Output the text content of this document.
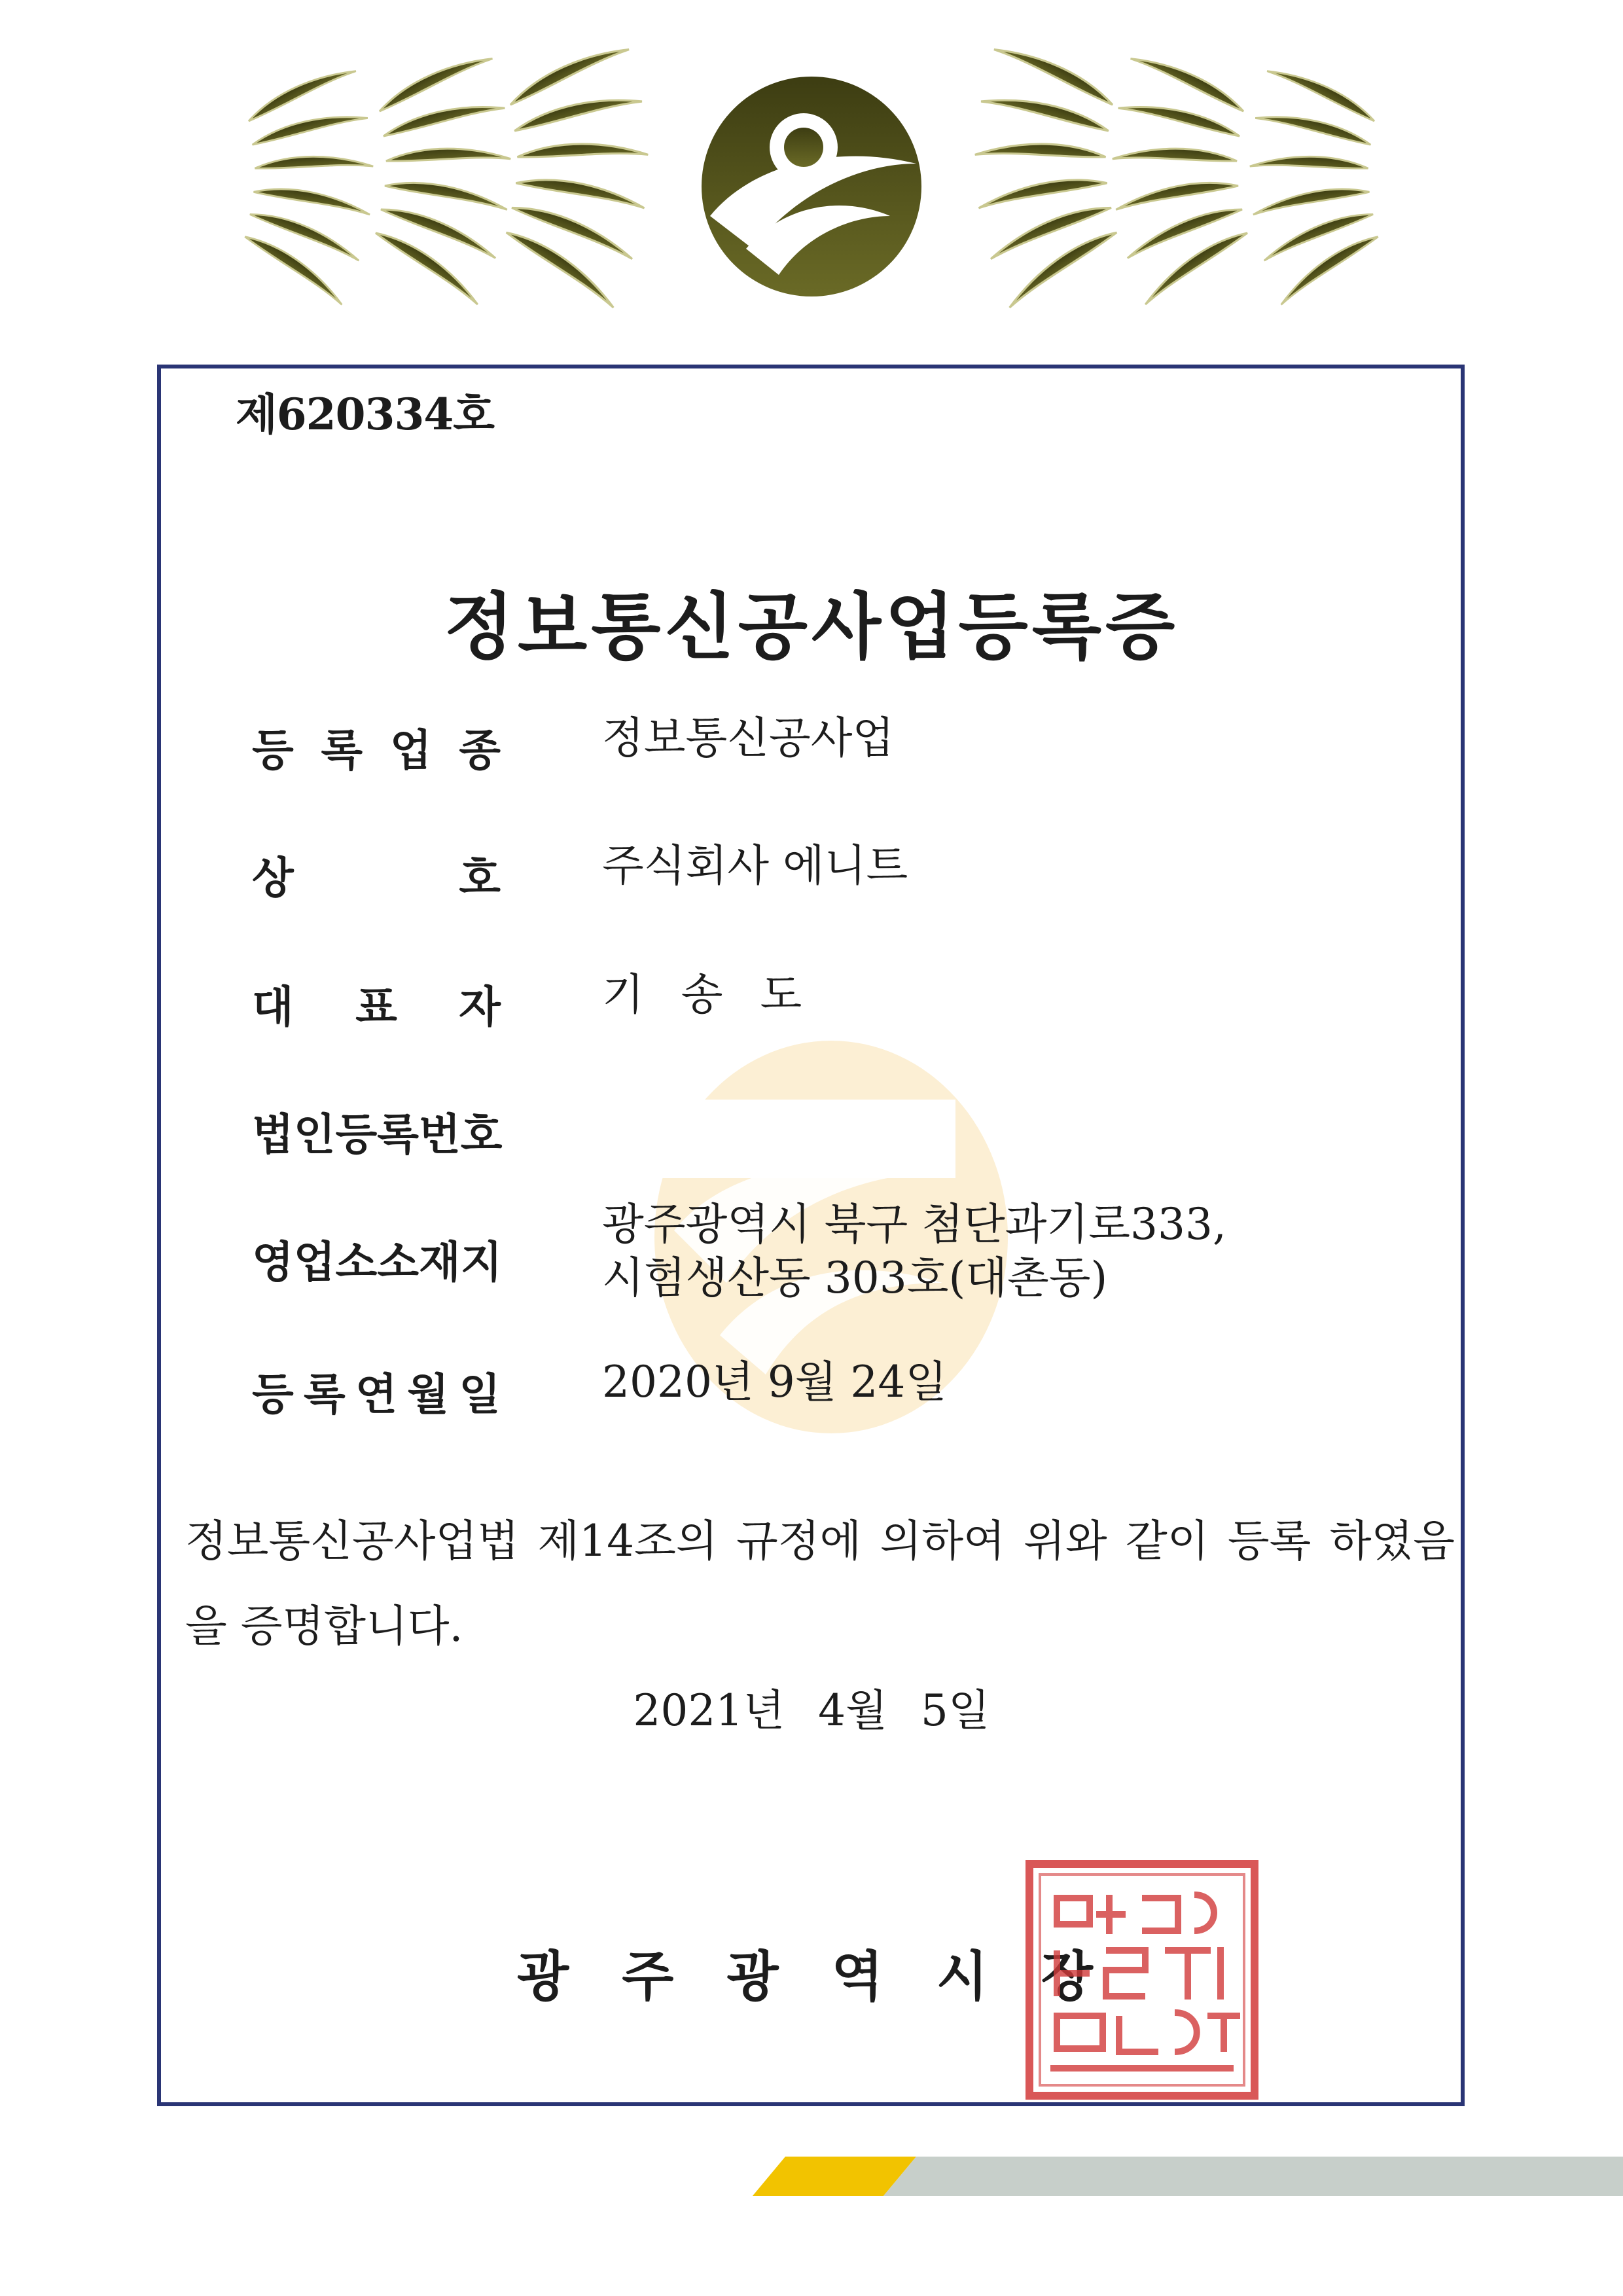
제620334호
정보통신공사업등록증
등 록 업 종 정보통신공사업
상	호 주식회사 에니트
대 표 자 기 송 도
법인등록번호
영업소소재지
광주광역시 북구 첨단과기로333,
시험생산동 303호(대촌동)
등 록 연 월 일 2020년 9월 24일
정보통신공사업법 제14조의 규정에 의하여 위와 같이 등록 하였음을 증명합니다.
2021년 4월 5일
광 주 광 역 시 장
